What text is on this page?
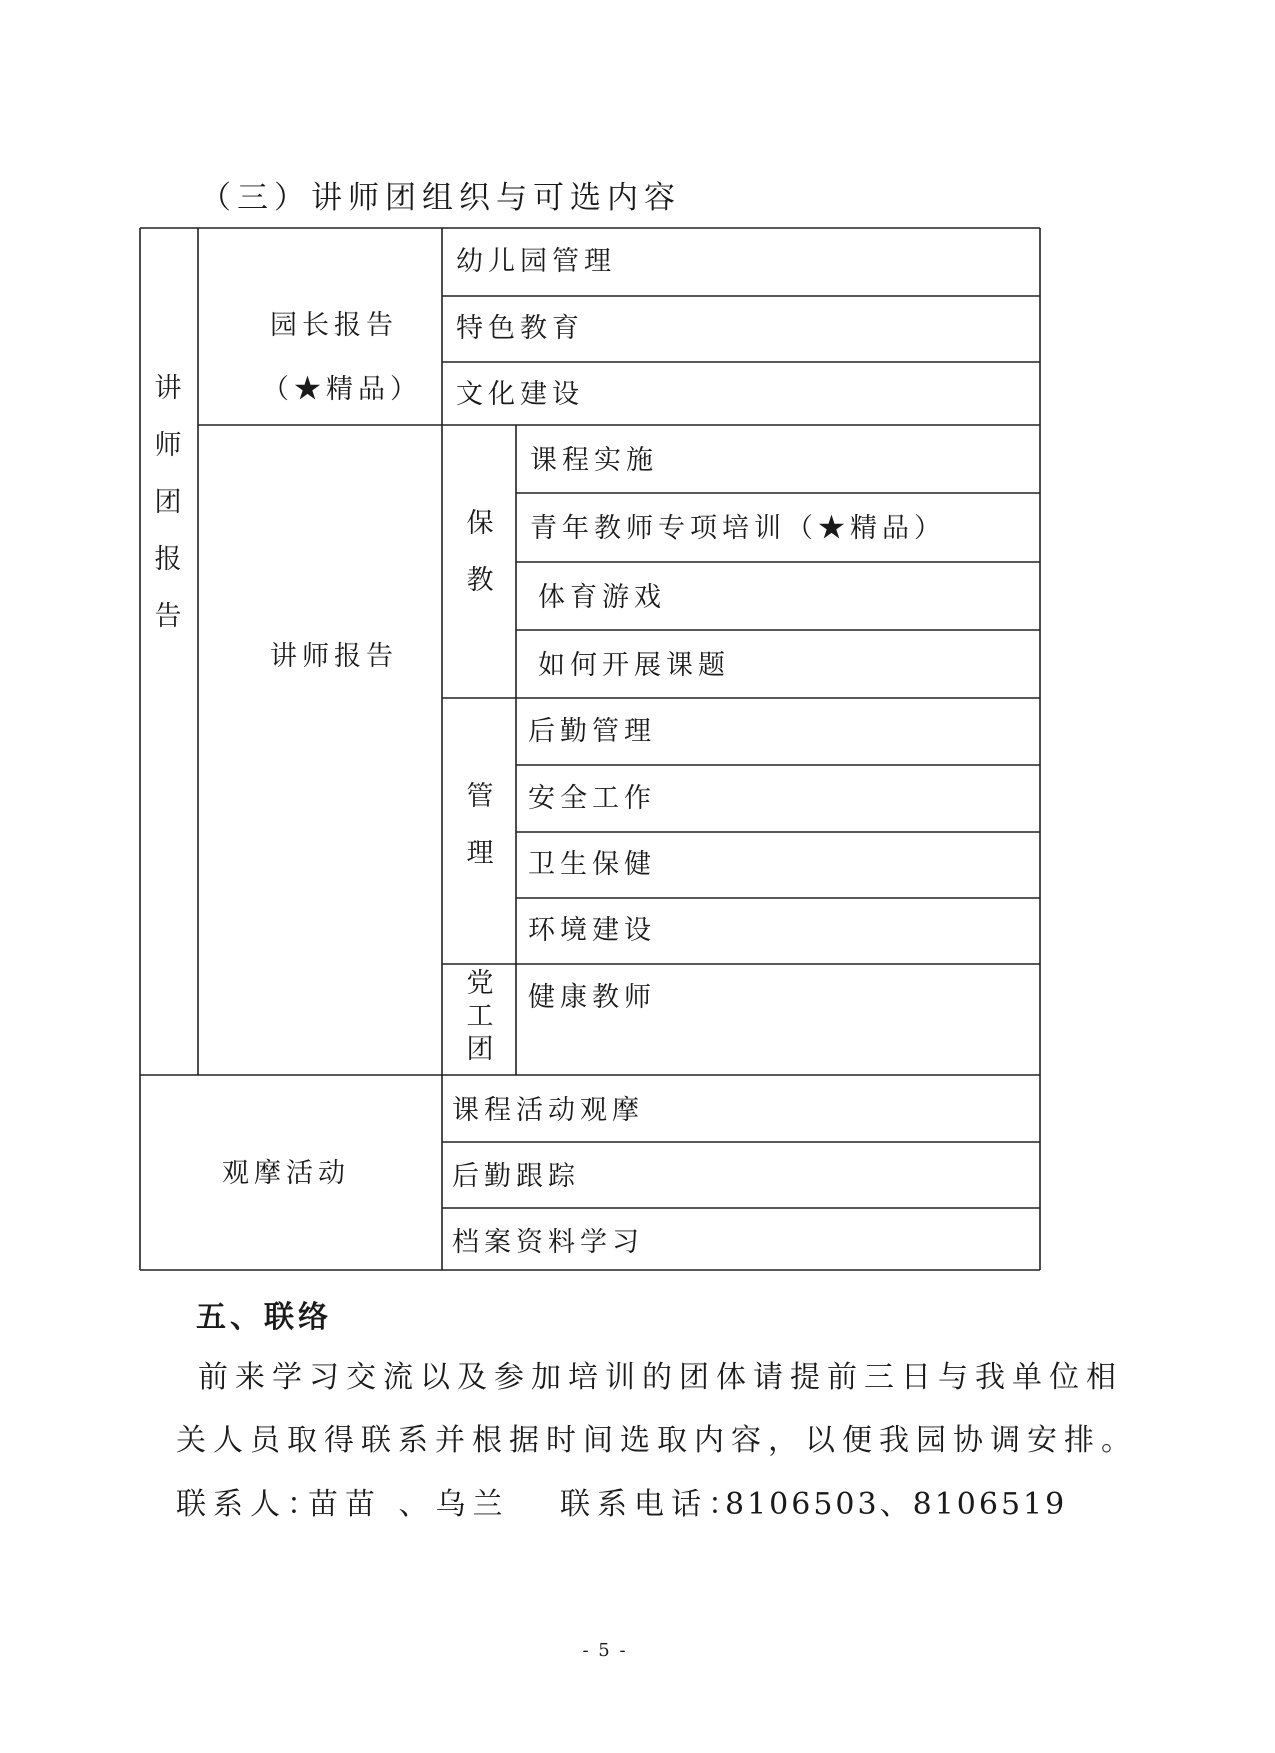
（三）讲师团组织与可选内容
讲
师
团
报
告
园长报告
（★精品）
幼儿园管理
特色教育
文化建设
讲师报告
保
教
课程实施
青年教师专项培训（★精品）
体育游戏
如何开展课题
管
理
后勤管理
安全工作
卫生保健
环境建设
党
工
团
健康教师
观摩活动
课程活动观摩
后勤跟踪
档案资料学习
五、联络
前来学习交流以及参加培训的团体请提前三日与我单位相
关人员取得联系并根据时间选取内容，以便我园协调安排。
联系人：
苗苗 、乌兰 联系电话：
8106503、8106519
- 5 -
